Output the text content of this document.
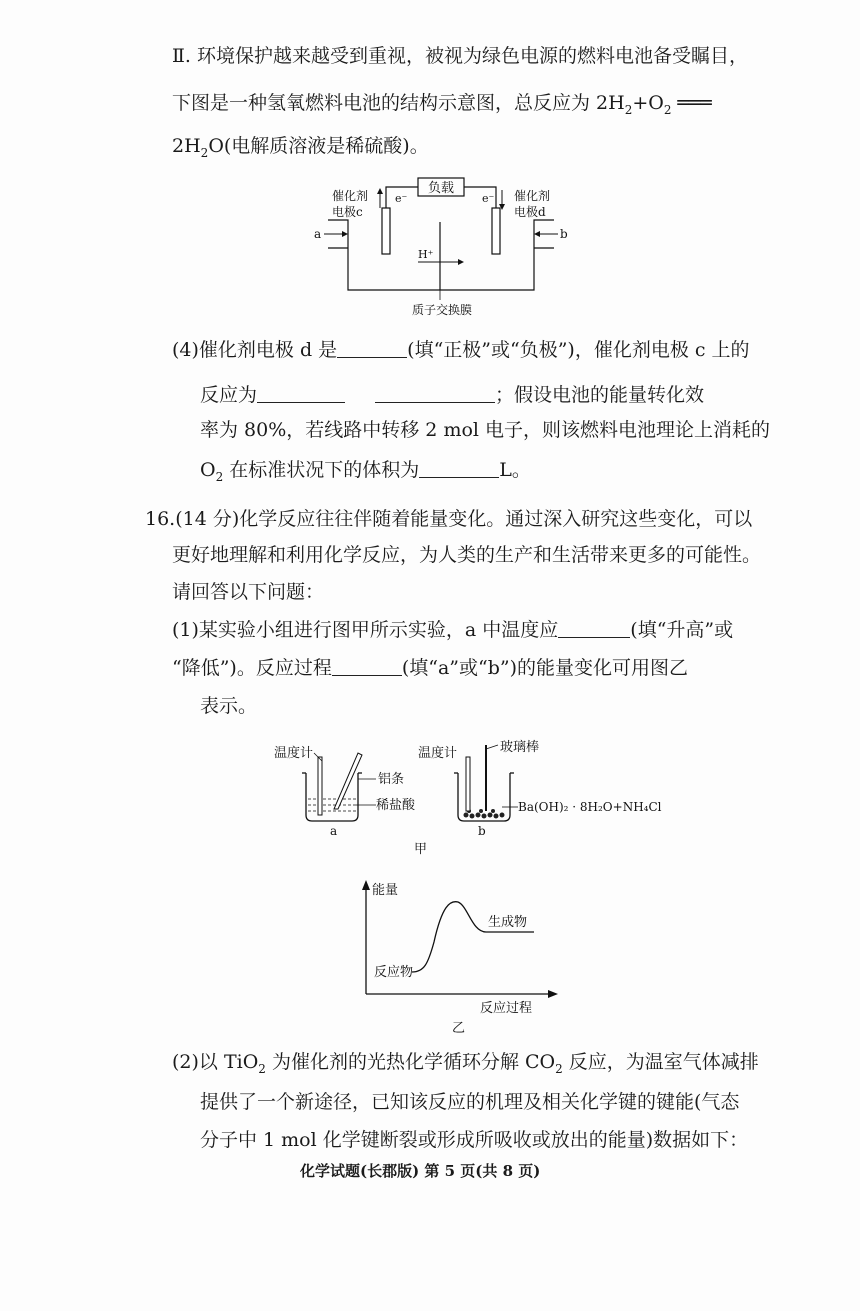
Ⅱ. 环境保护越来越受到重视，被视为绿色电源的燃料电池备受瞩目，
下图是一种氢氧燃料电池的结构示意图，总反应为 $2H_2+O_2$ ═══
$2H_2O$(电解质溶液是稀硫酸)。
负载
催化剂
电极c
催化剂
电极d
e⁻	e⁻
H⁺
a	b
质子交换膜
(4)催化剂电极 d 是	(填“正极”或“负极”)，催化剂电极 c 上的
反应为	；假设电池的能量转化效
率为 80%，若线路中转移 2 mol 电子，则该燃料电池理论上消耗的
$O_2$ 在标准状况下的体积为	L。
16.(14 分)化学反应往往伴随着能量变化。通过深入研究这些变化，可以
更好地理解和利用化学反应，为人类的生产和生活带来更多的可能性。
请回答以下问题：
(1)某实验小组进行图甲所示实验，a 中温度应	(填“升高”或
“降低”)。反应过程	(填“a”或“b”)的能量变化可用图乙
表示。
温度计
铝条
稀盐酸
a
温度计	玻璃棒
Ba(OH)₂ · 8H₂O+NH₄Cl
b
甲
能量
生成物
反应物
反应过程
乙
(2)以 TiO$_2$ 为催化剂的光热化学循环分解 $CO_2$ 反应，为温室气体减排
提供了一个新途径，已知该反应的机理及相关化学键的键能(气态
分子中 1 mol 化学键断裂或形成所吸收或放出的能量)数据如下：
化学试题(长郡版) 第 5 页(共 8 页)
